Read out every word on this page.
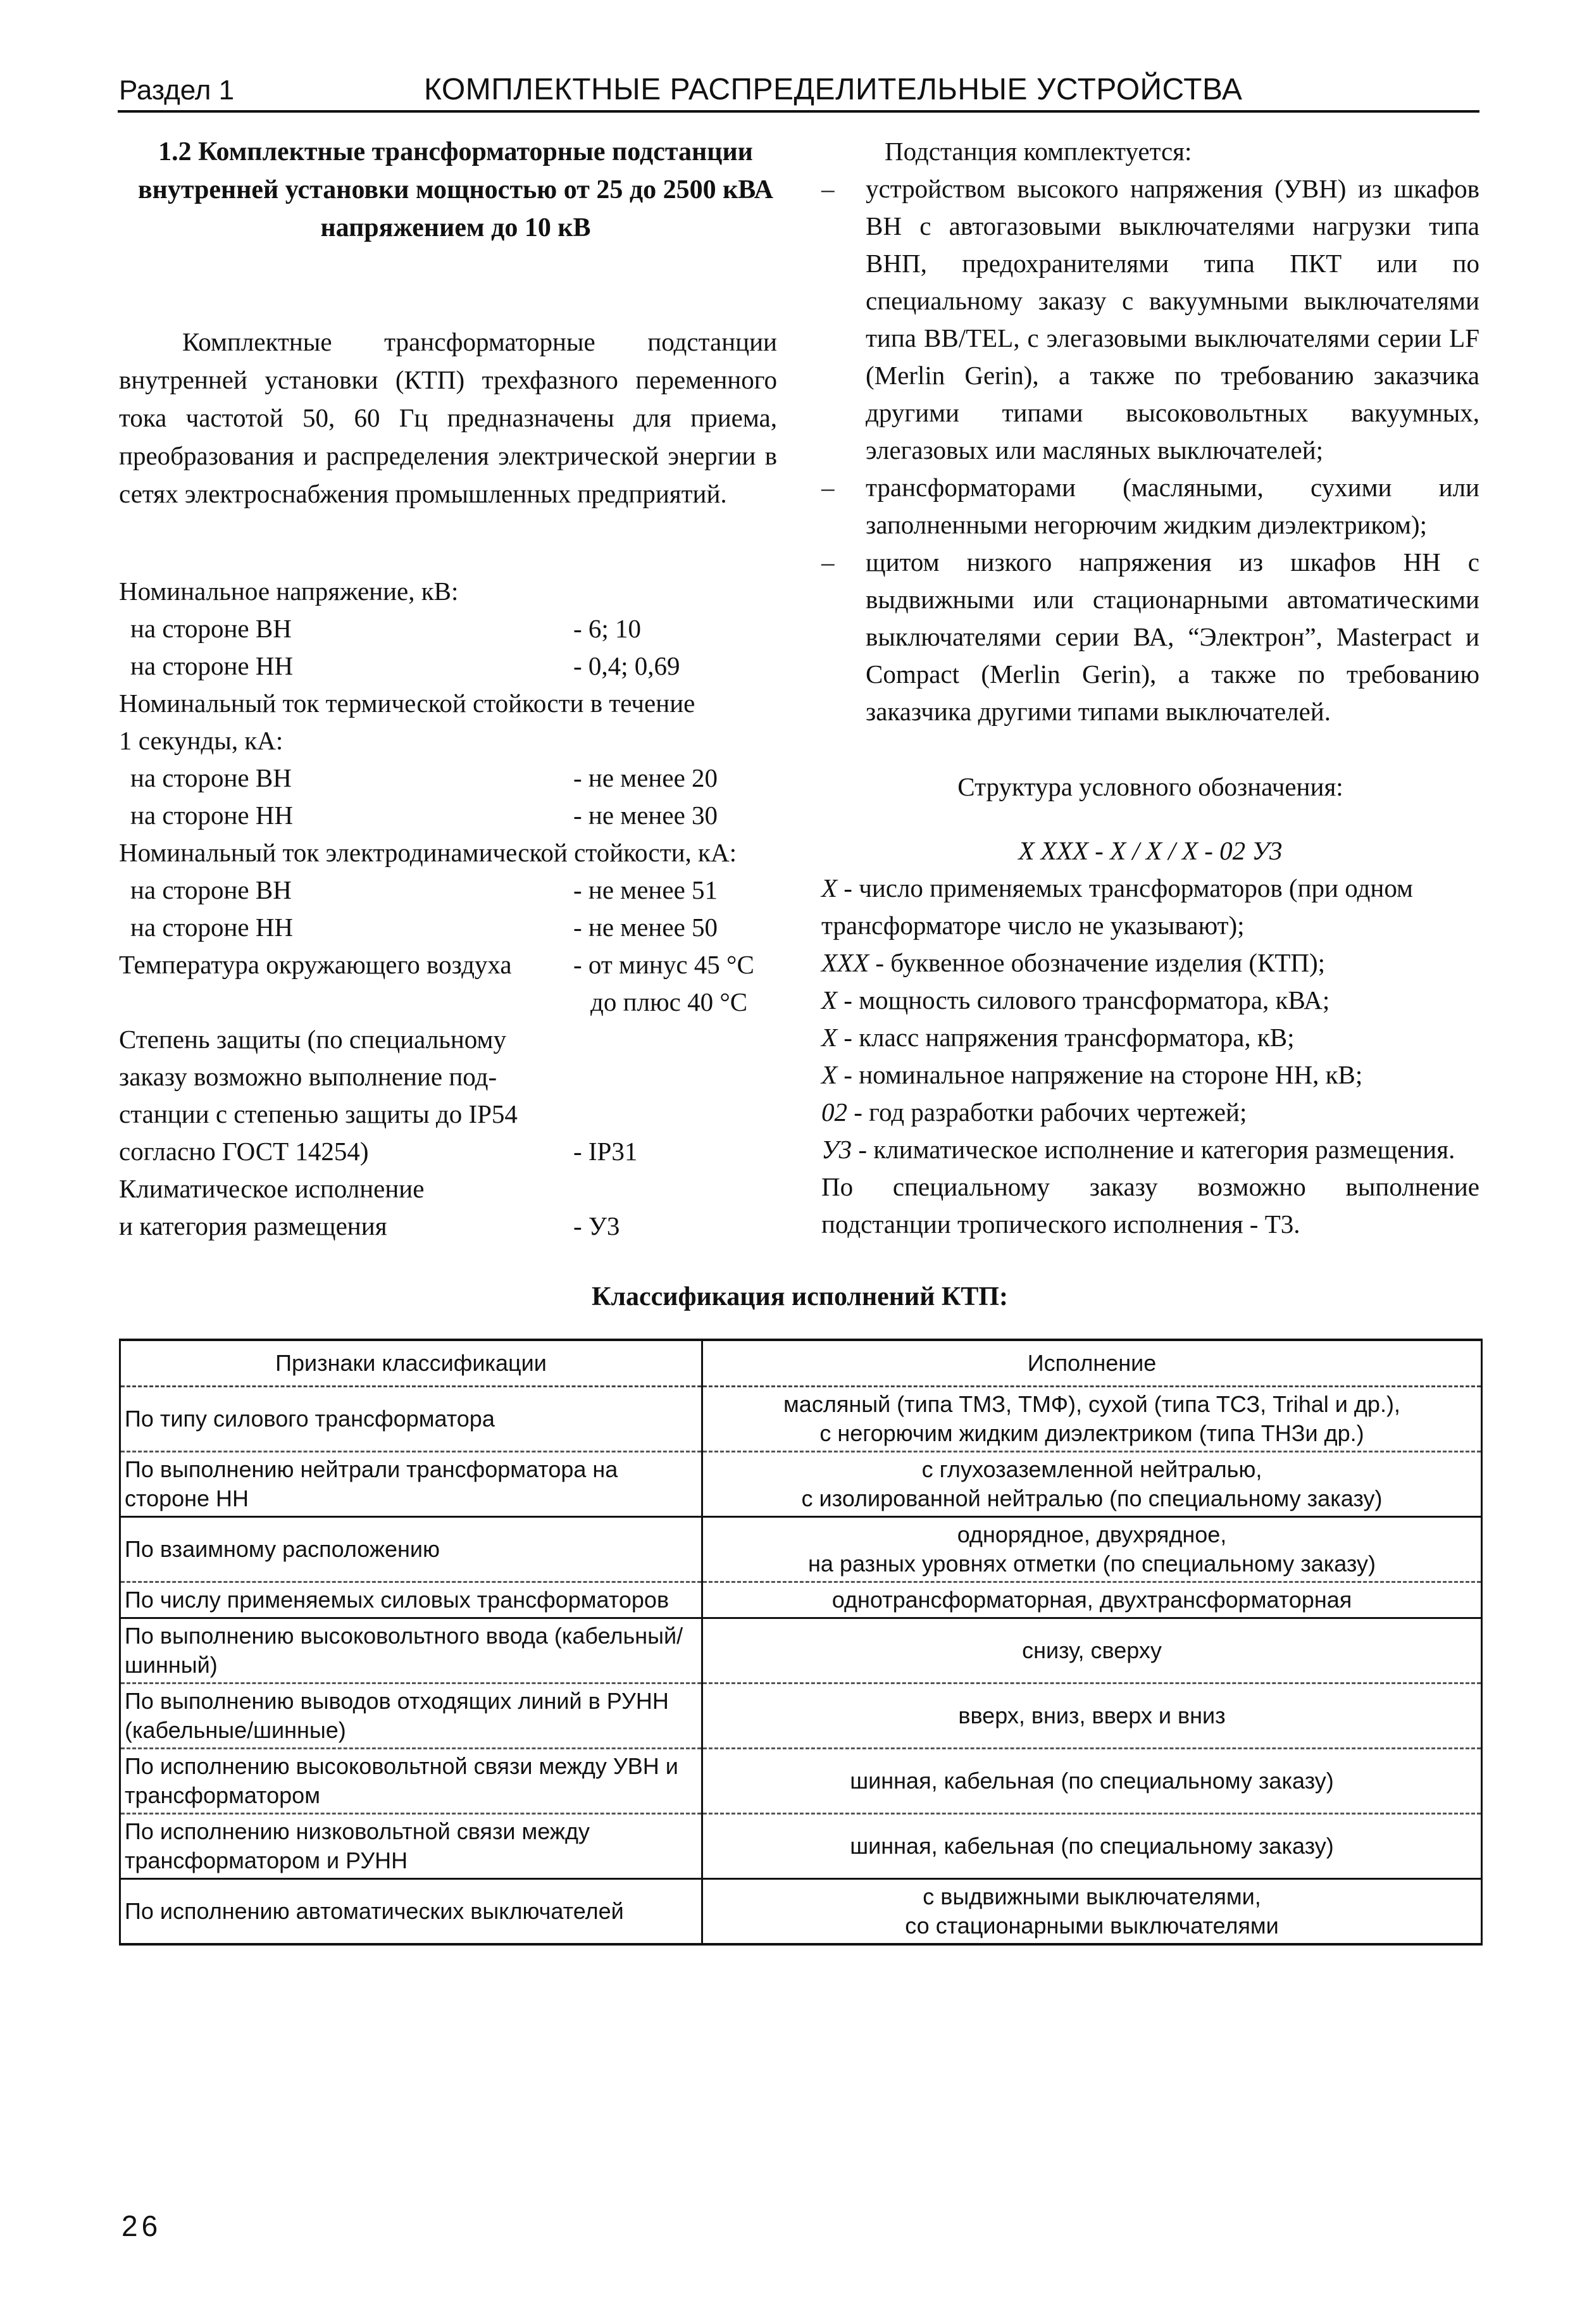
Раздел 1	КОМПЛЕКТНЫЕ РАСПРЕДЕЛИТЕЛЬНЫЕ УСТРОЙСТВА
1.2 Комплектные трансформаторные подстанции
внутренней установки мощностью от 25 до 2500 кВА
напряжением до 10 кВ
Комплектные трансформаторные подстанции внутренней установки (КТП) трехфазного переменного тока частотой 50, 60 Гц предназначены для приема, преобразования и распределения электрической энергии в сетях электроснабжения промышленных предприятий.
Номинальное напряжение, кВ:
на стороне ВН	- 6; 10
на стороне НН	- 0,4; 0,69
Номинальный ток термической стойкости в течение
1 секунды, кА:
на стороне ВН	- не менее 20
на стороне НН	- не менее 30
Номинальный ток электродинамической стойкости, кА:
на стороне ВН	- не менее 51
на стороне НН	- не менее 50
Температура окружающего воздуха - от минус 45 °С
до плюс 40 °С
Степень защиты (по специальному
заказу возможно выполнение под-
станции с степенью защиты до IP54
согласно ГОСТ 14254)	- IP31
Климатическое исполнение
и категория размещения	- У3
Подстанция комплектуется:
– устройством высокого напряжения (УВН) из шкафов ВН с автогазовыми выключателями нагрузки типа ВНП, предохранителями типа ПКТ или по специальному заказу с вакуумными выключателями типа ВВ/TEL, с элегазовыми выключателями серии LF (Merlin Gerin), а также по требованию заказчика другими типами высоковольтных вакуумных, элегазовых или масляных выключателей;
– трансформаторами (масляными, сухими или заполненными негорючим жидким диэлектриком);
– щитом низкого напряжения из шкафов НН с выдвижными или стационарными автоматическими выключателями серии ВА, “Электрон”, Masterpact и Compact (Merlin Gerin), а также по требованию заказчика другими типами выключателей.
Структура условного обозначения:
Х ХХХ - Х / Х / Х - 02 У3
Х - число применяемых трансформаторов (при одном
трансформаторе число не указывают);
ХХХ - буквенное обозначение изделия (КТП);
Х - мощность силового трансформатора, кВА;
Х - класс напряжения трансформатора, кВ;
Х - номинальное напряжение на стороне НН, кВ;
02 - год разработки рабочих чертежей;
У3 - климатическое исполнение и категория размещения.
По специальному заказу возможно выполнение подстанции тропического исполнения - Т3.
Классификация исполнений КТП:
Признаки классификации	Исполнение
По типу силового трансформатора	масляный (типа ТМЗ, ТМФ), сухой (типа ТСЗ, Trihal и др.),
с негорючим жидким диэлектриком (типа ТНЗи др.)

По выполнению нейтрали трансформатора на стороне НН	с глухозаземленной нейтралью,
с изолированной нейтралью (по специальному заказу)

По взаимному расположению	однорядное, двухрядное,
на разных уровнях отметки (по специальному заказу)

По числу применяемых силовых трансформаторов	однотрансформаторная, двухтрансформаторная
По выполнению высоковольтного ввода (кабельный/шинный)	снизу, сверху
По выполнению выводов отходящих линий в РУНН (кабельные/шинные)	вверх, вниз, вверх и вниз
По исполнению высоковольтной связи между УВН и трансформатором	шинная, кабельная (по специальному заказу)
По исполнению низковольтной связи между трансформатором и РУНН	шинная, кабельная (по специальному заказу)
По исполнению автоматических выключателей	с выдвижными выключателями,
со стационарными выключателями
26
